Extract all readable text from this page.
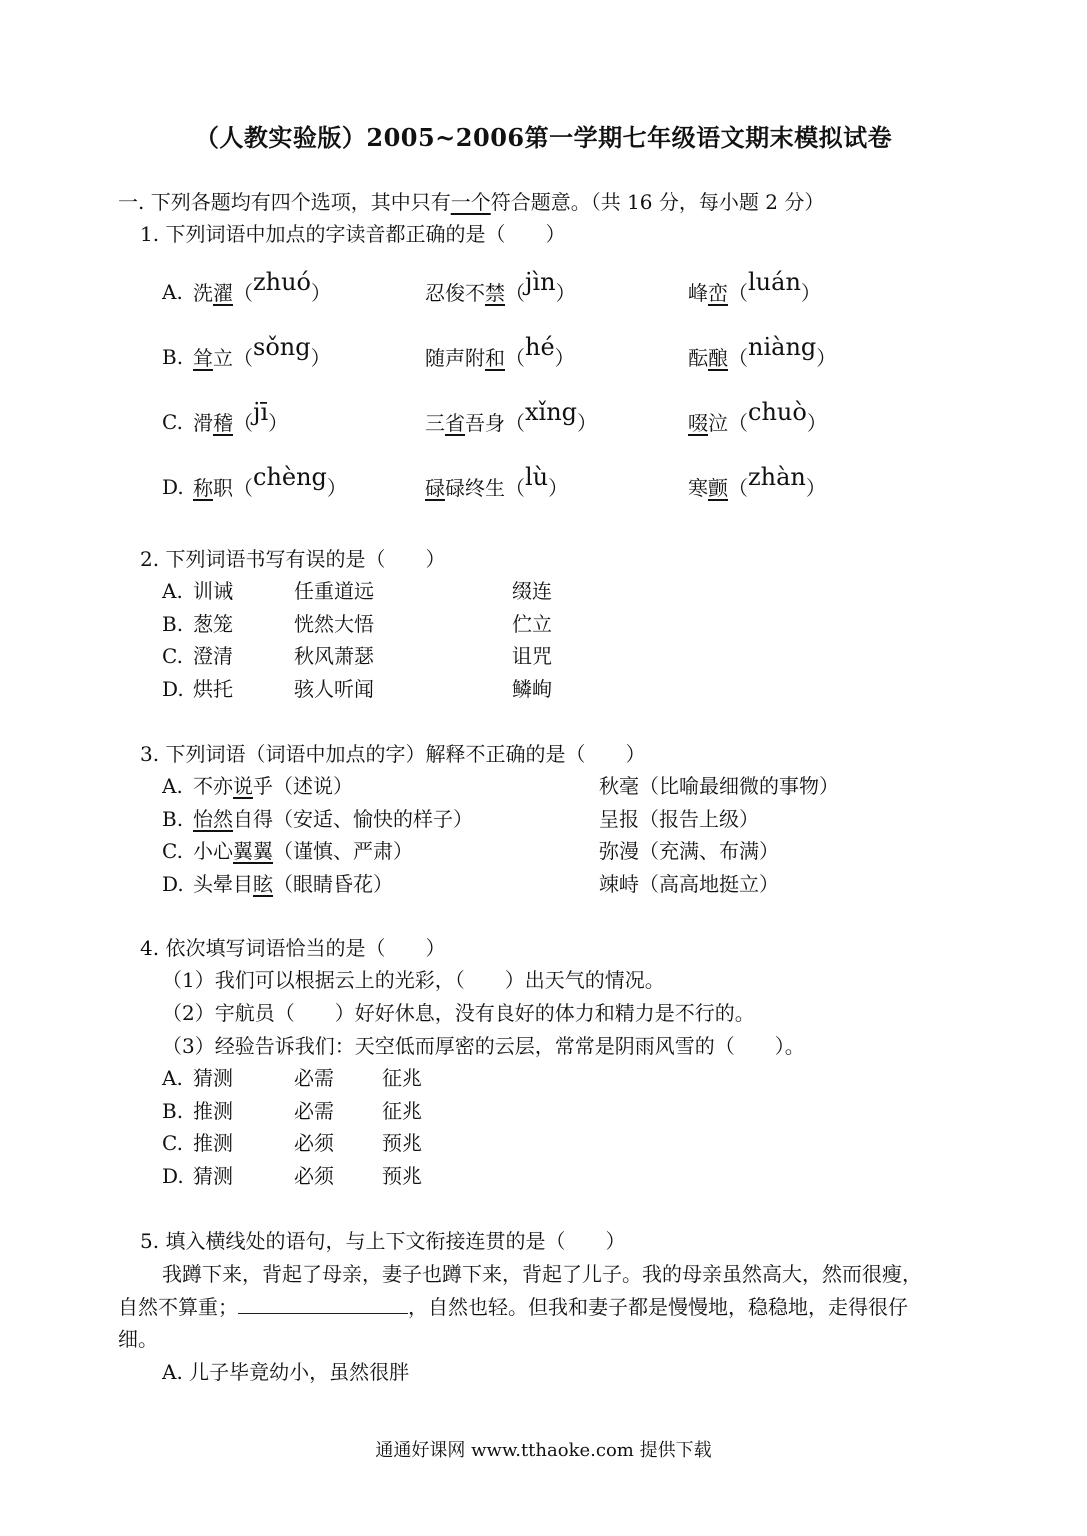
（人教实验版）2005~2006第一学期七年级语文期末模拟试卷
一. 下列各题均有四个选项，其中只有一个符合题意。（共 16 分，每小题 2 分）
1. 下列词语中加点的字读音都正确的是（　　）
A. 洗濯（zhuó）	忍俊不禁（jìn）	峰峦（luán）
B. 耸立（sǒng）	随声附和（hé）	酝酿（niàng）
C. 滑稽（jī）	三省吾身（xǐng）	啜泣（chuò）
D. 称职（chèng）	碌碌终生（lù）	寒颤（zhàn）
2. 下列词语书写有误的是（　　）
A. 训诫	任重道远	缀连
B. 葱笼	恍然大悟	伫立
C. 澄清	秋风萧瑟	诅咒
D. 烘托	骇人听闻	鳞峋
3. 下列词语（词语中加点的字）解释不正确的是（　　）
A. 不亦说乎（述说）	秋毫（比喻最细微的事物）
B. 怡然自得（安适、愉快的样子）	呈报（报告上级）
C. 小心翼翼（谨慎、严肃）	弥漫（充满、布满）
D. 头晕目眩（眼睛昏花）	竦峙（高高地挺立）
4. 依次填写词语恰当的是（　　）
（1）我们可以根据云上的光彩，（　　）出天气的情况。
（2）宇航员（　　）好好休息，没有良好的体力和精力是不行的。
（3）经验告诉我们：天空低而厚密的云层，常常是阴雨风雪的（　　）。
A. 猜测	必需 征兆
B. 推测	必需 征兆
C. 推测	必须 预兆
D. 猜测	必须 预兆
5. 填入横线处的语句，与上下文衔接连贯的是（　　）
我蹲下来，背起了母亲，妻子也蹲下来，背起了儿子。我的母亲虽然高大，然而很瘦，
自然不算重；	，自然也轻。但我和妻子都是慢慢地，稳稳地，走得很仔
细。
A. 儿子毕竟幼小，虽然很胖
通通好课网 www.tthaoke.com 提供下载
